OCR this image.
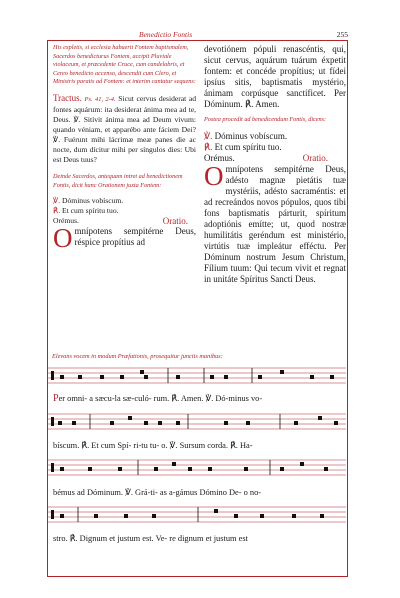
Benedictio Fontis	255

His expletis, si ecclesia habuerit Fontem baptismalem, Sacerdos benedicturus Fontem, accipit Pluviale violaceum, et præcedente Cruce, cum candelabris, et Cereo benedicto accenso, descendit cum Clero, et Ministris paratis ad Fontem: et interim cantatur sequens:

Tractus. Ps. 41, 2-4. Sicut cervus desiderat ad fontes aquárum: ita desiderat ánima mea ad te, Deus. ℣. Sitívit ánima mea ad Deum vivum: quando véniam, et apparébo ante fáciem Dei? ℣. Fuérunt mihi lácrimæ meæ panes die ac nocte, dum dícitur mihi per síngulos dies: Ubi est Deus tuus?

Deinde Sacerdos, antequam intret ad benedictionem Fontis, dicit hanc Orationem juxta Fontem:

℣. Dóminus vobíscum.

℟. Et cum spíritu tuo.

Orémus.	Oratio.

Omnípotens sempitérne Deus, réspice propítius ad

devotiónem pópuli renascéntis, qui, sicut cervus, aquárum tuárum éxpetit fontem: et concéde propítius; ut fídei ipsíus sitis, baptismatis mystério, ánimam corpúsque sanctíficet. Per Dóminum. ℟. Amen.

Postea procedit ad benedicendum Fontis, dicens:

℣. Dóminus vobíscum.

℟. Et cum spíritu tuo.

Orémus.	Oratio.

Omnípotens sempitérne Deus, adésto magnæ pietátis tuæ mystériis, adésto sacraméntis: et ad recreándos novos pópulos, quos tibi fons baptismatis párturit, spíritum adoptiónis emítte; ut, quod nostræ humilitátis geréndum est ministério, virtútis tuæ impleátur efféctu. Per Dóminum nostrum Jesum Christum, Fílium tuum: Qui tecum vivit et regnat in unitáte Spíritus Sancti Deus.

Elevans vocem in modum Præfationis, prosequitur junctis manibus:
Per omni- a sæcu-la sæ-culó- rum. ℟. Amen. ℣. Dó-minus vo-
bíscum. ℟. Et cum Spí- ri-tu tu- o. ℣. Sursum corda. ℟. Ha-
bémus ad Dóminum. ℣. Grá-ti- as a-gámus Dómino De- o no-
stro. ℟. Dignum et justum est. Ve- re dignum et justum est
